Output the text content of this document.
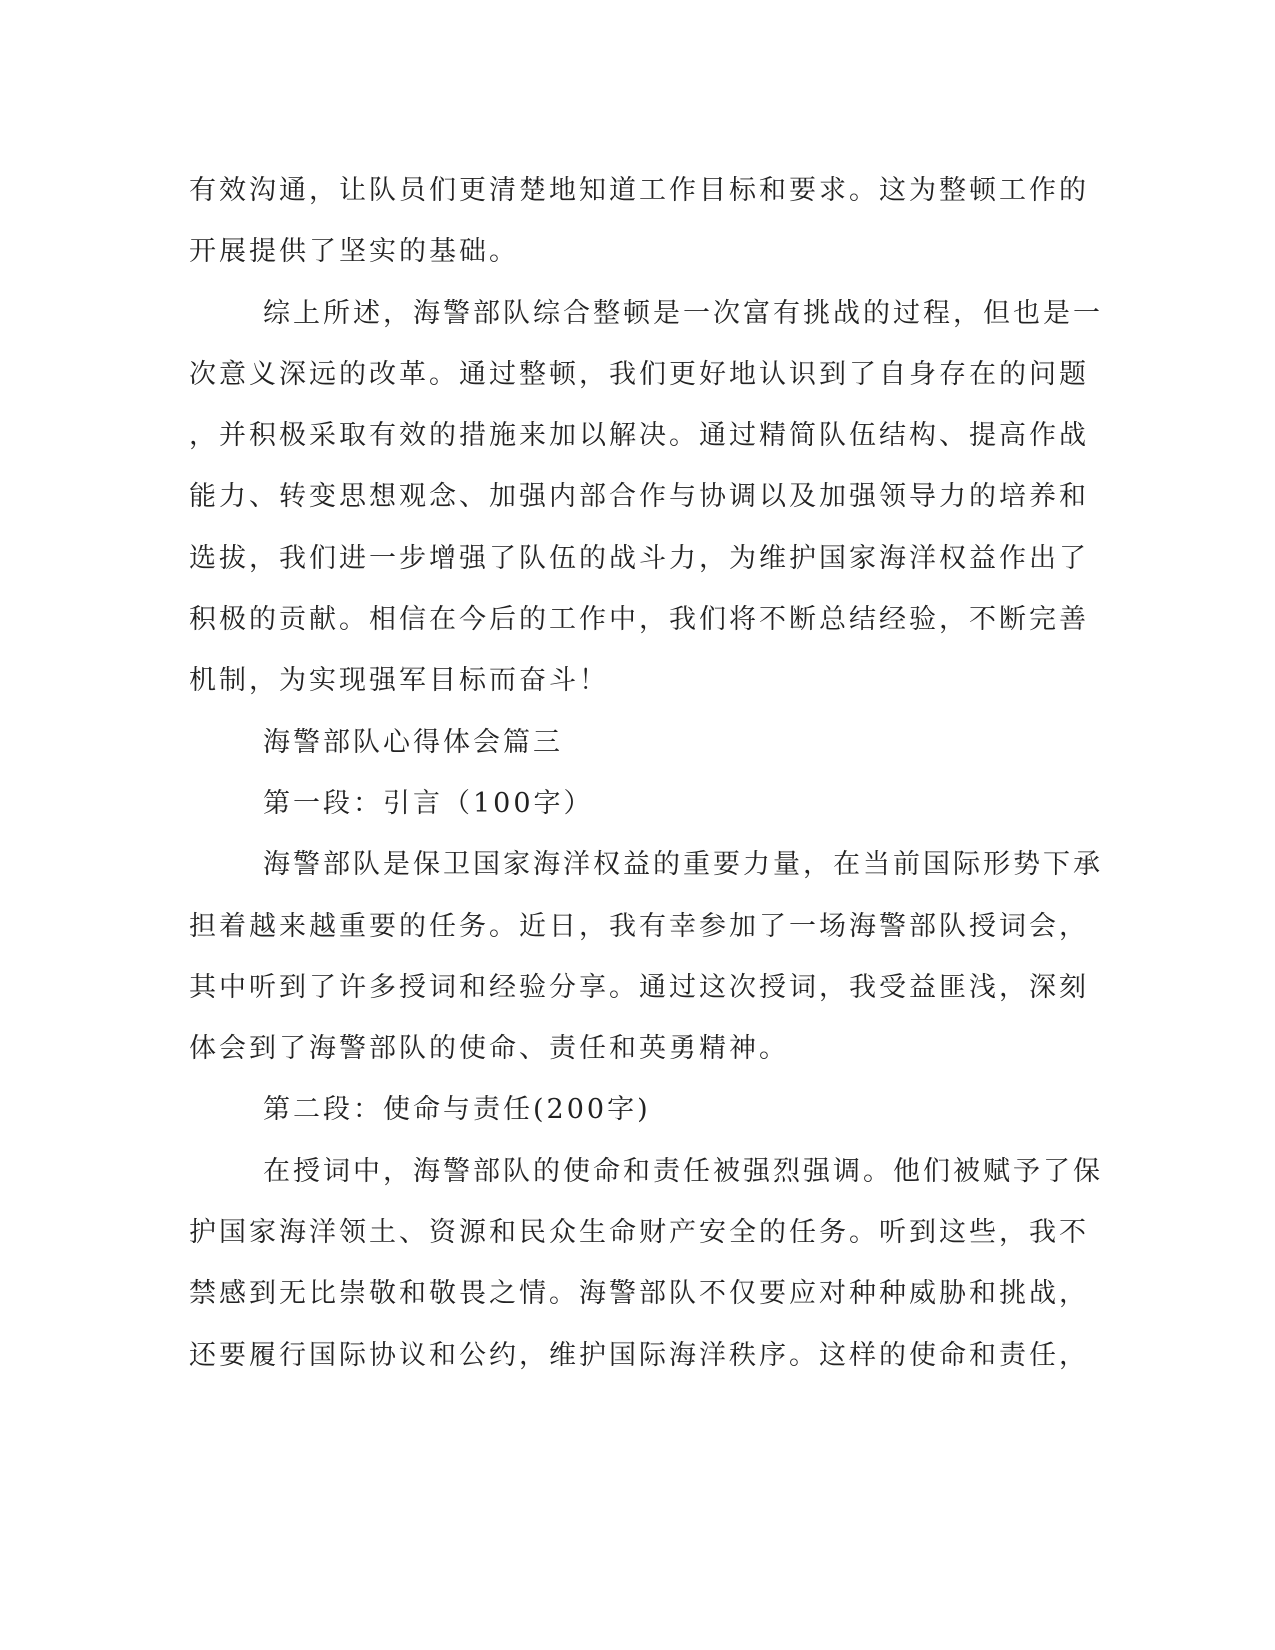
有效沟通，让队员们更清楚地知道工作目标和要求。这为整顿工作的
开展提供了坚实的基础。
综上所述，海警部队综合整顿是一次富有挑战的过程，但也是一
次意义深远的改革。通过整顿，我们更好地认识到了自身存在的问题
，并积极采取有效的措施来加以解决。通过精简队伍结构、提高作战
能力、转变思想观念、加强内部合作与协调以及加强领导力的培养和
选拔，我们进一步增强了队伍的战斗力，为维护国家海洋权益作出了
积极的贡献。相信在今后的工作中，我们将不断总结经验，不断完善
机制，为实现强军目标而奋斗！
海警部队心得体会篇三
第一段：引言（100字）
海警部队是保卫国家海洋权益的重要力量，在当前国际形势下承
担着越来越重要的任务。近日，我有幸参加了一场海警部队授词会，
其中听到了许多授词和经验分享。通过这次授词，我受益匪浅，深刻
体会到了海警部队的使命、责任和英勇精神。
第二段：使命与责任(200字)
在授词中，海警部队的使命和责任被强烈强调。他们被赋予了保
护国家海洋领土、资源和民众生命财产安全的任务。听到这些，我不
禁感到无比崇敬和敬畏之情。海警部队不仅要应对种种威胁和挑战，
还要履行国际协议和公约，维护国际海洋秩序。这样的使命和责任，
